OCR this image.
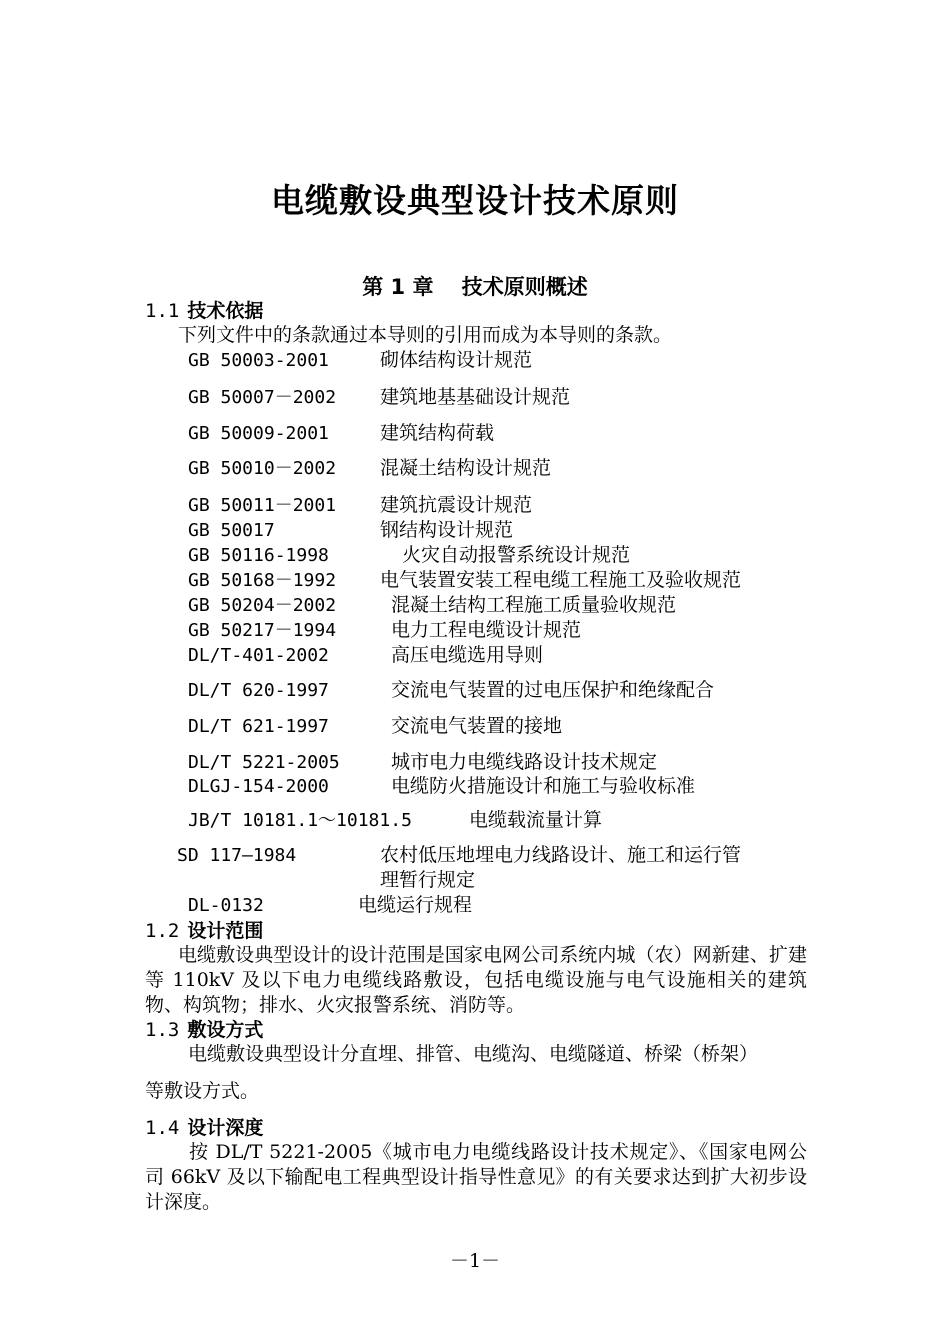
电缆敷设典型设计技术原则
第 1 章　 技术原则概述
1.1 技术依据
下列文件中的条款通过本导则的引用而成为本导则的条款。
GB 50003-2001	砌体结构设计规范
GB 50007－2002 建筑地基基础设计规范
GB 50009-2001	建筑结构荷载
GB 50010－2002 混凝土结构设计规范
GB 50011－2001 建筑抗震设计规范
GB 50017	钢结构设计规范
GB 50116-1998	火灾自动报警系统设计规范
GB 50168－1992 电气装置安装工程电缆工程施工及验收规范
GB 50204－2002	混凝土结构工程施工质量验收规范
GB 50217－1994	电力工程电缆设计规范
DL/T-401-2002	高压电缆选用导则
DL/T 620-1997	交流电气装置的过电压保护和绝缘配合
DL/T 621-1997	交流电气装置的接地
DL/T 5221-2005	城市电力电缆线路设计技术规定
DLGJ-154-2000	电缆防火措施设计和施工与验收标准
JB/T 10181.1～10181.5	电缆载流量计算
SD 117—1984	农村低压地埋电力线路设计、施工和运行管
理暂行规定
DL-0132	电缆运行规程
1.2 设计范围
电缆敷设典型设计的设计范围是国家电网公司系统内城（农）网新建、扩建等 110kV 及以下电力电缆线路敷设，包括电缆设施与电气设施相关的建筑物、构筑物；排水、火灾报警系统、消防等。
1.3 敷设方式
电缆敷设典型设计分直埋、排管、电缆沟、电缆隧道、桥梁（桥架）
等敷设方式。
1.4 设计深度
按 DL/T 5221-2005《城市电力电缆线路设计技术规定》、《国家电网公司 66kV 及以下输配电工程典型设计指导性意见》的有关要求达到扩大初步设计深度。
－1－
